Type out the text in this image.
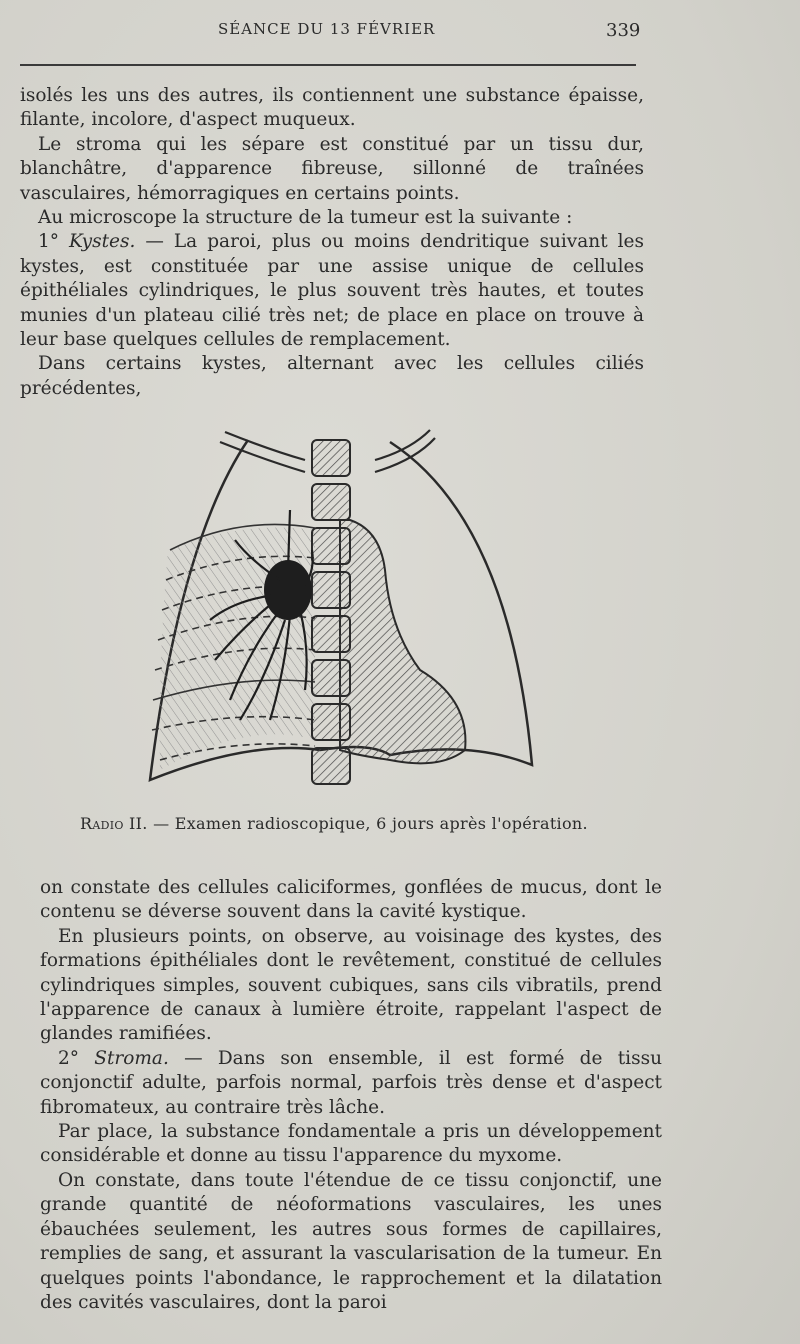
SÉANCE DU 13 FÉVRIER	339

isolés les uns des autres, ils contiennent une substance épaisse, filante, incolore, d'aspect muqueux.

Le stroma qui les sépare est constitué par un tissu dur, blanchâtre, d'apparence fibreuse, sillonné de traînées vasculaires, hémorragiques en certains points.

Au microscope la structure de la tumeur est la suivante :

1° Kystes. — La paroi, plus ou moins dendritique suivant les kystes, est constituée par une assise unique de cellules épithéliales cylindriques, le plus souvent très hautes, et toutes munies d'un plateau cilié très net; de place en place on trouve à leur base quelques cellules de remplacement.

Dans certains kystes, alternant avec les cellules ciliés précédentes,

Radio II. — Examen radioscopique, 6 jours après l'opération.

on constate des cellules caliciformes, gonflées de mucus, dont le contenu se déverse souvent dans la cavité kystique.

En plusieurs points, on observe, au voisinage des kystes, des formations épithéliales dont le revêtement, constitué de cellules cylindriques simples, souvent cubiques, sans cils vibratils, prend l'apparence de canaux à lumière étroite, rappelant l'aspect de glandes ramifiées.

2° Stroma. — Dans son ensemble, il est formé de tissu conjonctif adulte, parfois normal, parfois très dense et d'aspect fibromateux, au contraire très lâche.

Par place, la substance fondamentale a pris un développement considérable et donne au tissu l'apparence du myxome.

On constate, dans toute l'étendue de ce tissu conjonctif, une grande quantité de néoformations vasculaires, les unes ébauchées seulement, les autres sous formes de capillaires, remplies de sang, et assurant la vascularisation de la tumeur. En quelques points l'abondance, le rapprochement et la dilatation des cavités vasculaires, dont la paroi
